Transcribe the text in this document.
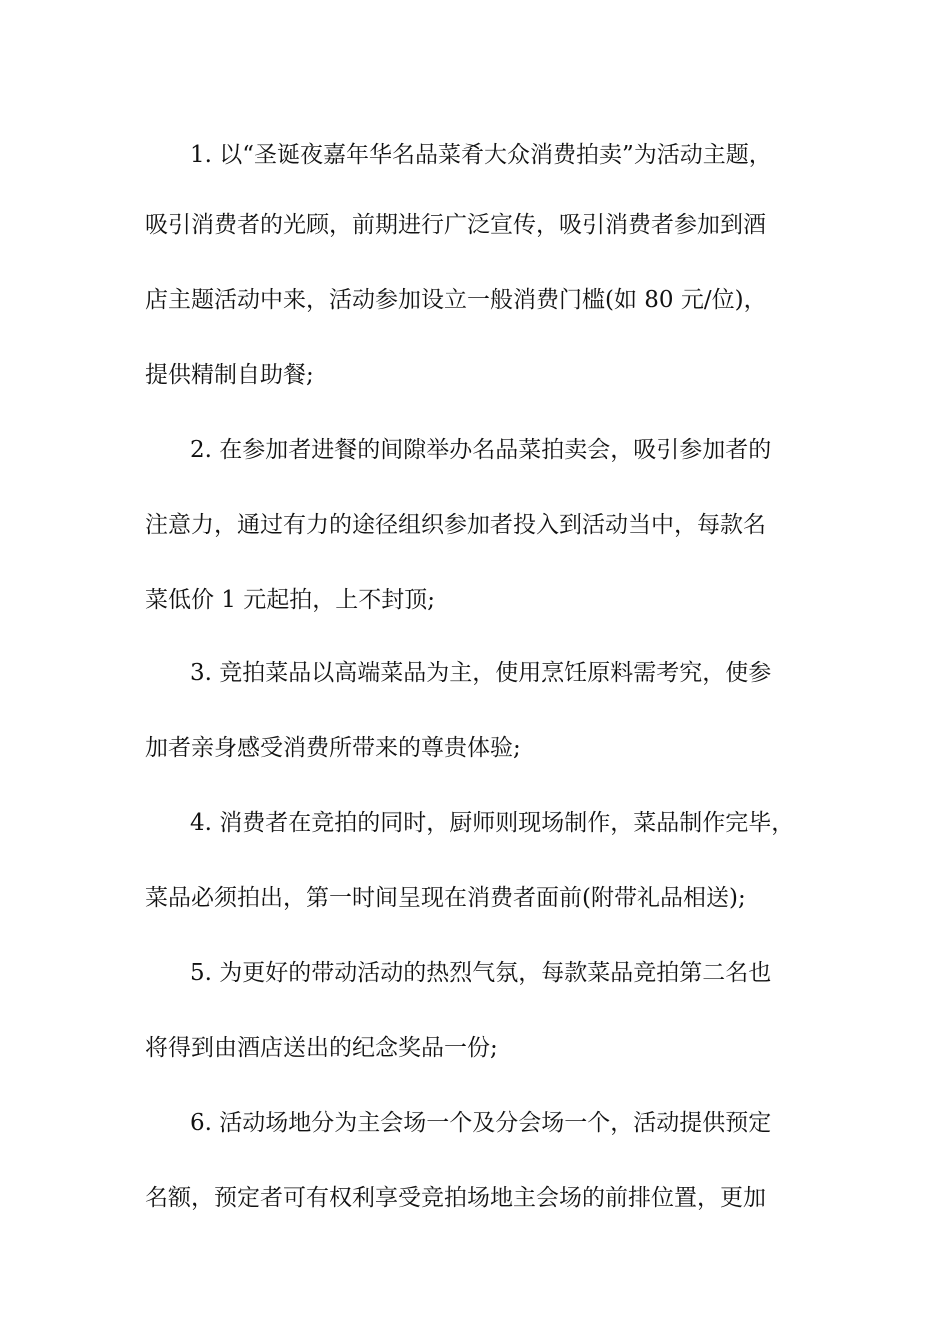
1. 以“圣诞夜嘉年华名品菜肴大众消费拍卖”为活动主题，
吸引消费者的光顾，前期进行广泛宣传，吸引消费者参加到酒
店主题活动中来，活动参加设立一般消费门槛(如 80 元/位)，
提供精制自助餐;
2. 在参加者进餐的间隙举办名品菜拍卖会，吸引参加者的
注意力，通过有力的途径组织参加者投入到活动当中，每款名
菜低价 1 元起拍，上不封顶;
3. 竞拍菜品以高端菜品为主，使用烹饪原料需考究，使参
加者亲身感受消费所带来的尊贵体验;
4. 消费者在竞拍的同时，厨师则现场制作，菜品制作完毕，
菜品必须拍出，第一时间呈现在消费者面前(附带礼品相送);
5. 为更好的带动活动的热烈气氛，每款菜品竞拍第二名也
将得到由酒店送出的纪念奖品一份;
6. 活动场地分为主会场一个及分会场一个，活动提供预定
名额，预定者可有权利享受竞拍场地主会场的前排位置，更加
